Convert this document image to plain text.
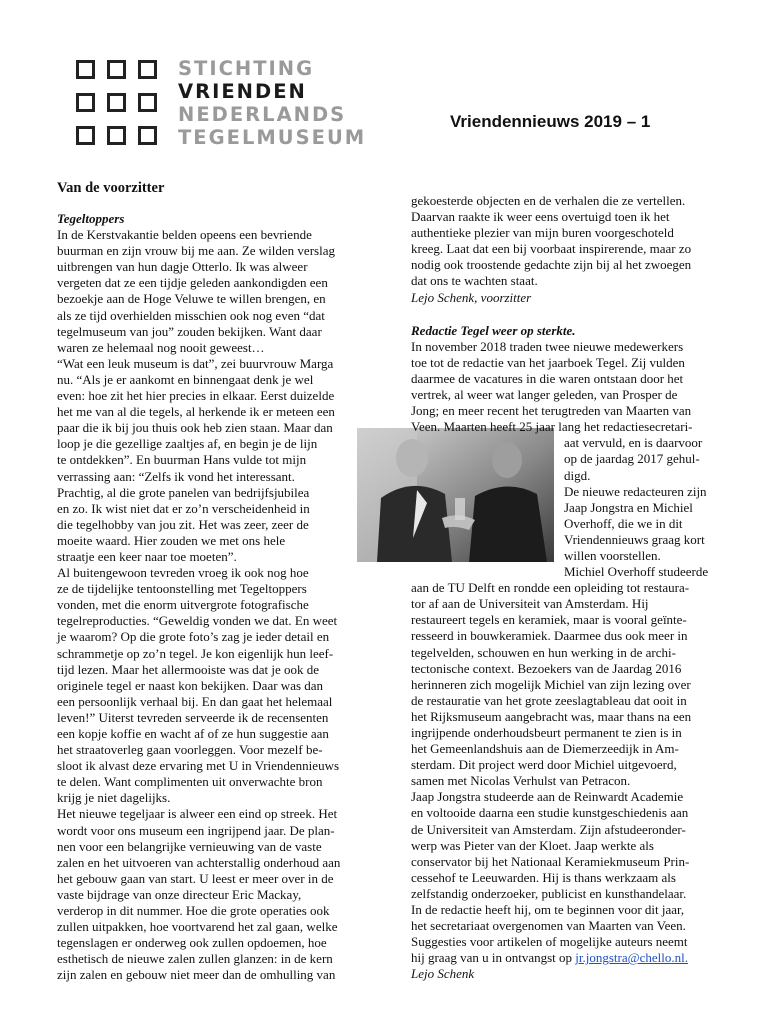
STICHTING
VRIENDEN
NEDERLANDS
TEGELMUSEUM
Vriendennieuws 2019 – 1
Van de voorzitter
Tegeltoppers
In de Kerstvakantie belden opeens een bevriende
buurman en zijn vrouw bij me aan. Ze wilden verslag
uitbrengen van hun dagje Otterlo. Ik was alweer
vergeten dat ze een tijdje geleden aankondigden een
bezoekje aan de Hoge Veluwe te willen brengen, en
als ze tijd overhielden misschien ook nog even “dat
tegelmuseum van jou” zouden bekijken. Want daar
waren ze helemaal nog nooit geweest…
“Wat een leuk museum is dat”, zei buurvrouw Marga
nu. “Als je er aankomt en binnengaat denk je wel
even: hoe zit het hier precies in elkaar. Eerst duizelde
het me van al die tegels, al herkende ik er meteen een
paar die ik bij jou thuis ook heb zien staan. Maar dan
loop je die gezellige zaaltjes af, en begin je de lijn
te ontdekken”. En buurman Hans vulde tot mijn
verrassing aan: “Zelfs ik vond het interessant.
Prachtig, al die grote panelen van bedrijfsjubilea
en zo. Ik wist niet dat er zo’n verscheidenheid in
die tegelhobby van jou zit. Het was zeer, zeer de
moeite waard. Hier zouden we met ons hele
straatje een keer naar toe moeten”.
Al buitengewoon tevreden vroeg ik ook nog hoe
ze de tijdelijke tentoonstelling met Tegeltoppers
vonden, met die enorm uitvergrote fotografische
tegelreproducties. “Geweldig vonden we dat. En weet
je waarom? Op die grote foto’s zag je ieder detail en
schrammetje op zo’n tegel. Je kon eigenlijk hun leef-
tijd lezen. Maar het allermooiste was dat je ook de
originele tegel er naast kon bekijken. Daar was dan
een persoonlijk verhaal bij. En dan gaat het helemaal
leven!” Uiterst tevreden serveerde ik de recensenten
een kopje koffie en wacht af of ze hun suggestie aan
het straatoverleg gaan voorleggen. Voor mezelf be-
sloot ik alvast deze ervaring met U in Vriendennieuws
te delen. Want complimenten uit onverwachte bron
krijg je niet dagelijks.
Het nieuwe tegeljaar is alweer een eind op streek. Het
wordt voor ons museum een ingrijpend jaar. De plan-
nen voor een belangrijke vernieuwing van de vaste
zalen en het uitvoeren van achterstallig onderhoud aan
het gebouw gaan van start. U leest er meer over in de
vaste bijdrage van onze directeur Eric Mackay,
verderop in dit nummer. Hoe die grote operaties ook
zullen uitpakken, hoe voortvarend het zal gaan, welke
tegenslagen er onderweg ook zullen opdoemen, hoe
esthetisch de nieuwe zalen zullen glanzen: in de kern
zijn zalen en gebouw niet meer dan de omhulling van
gekoesterde objecten en de verhalen die ze vertellen.
Daarvan raakte ik weer eens overtuigd toen ik het
authentieke plezier van mijn buren voorgeschoteld
kreeg. Laat dat een bij voorbaat inspirerende, maar zo
nodig ook troostende gedachte zijn bij al het zwoegen
dat ons te wachten staat.
Lejo Schenk, voorzitter
Redactie Tegel weer op sterkte.
In november 2018 traden twee nieuwe medewerkers
toe tot de redactie van het jaarboek Tegel. Zij vulden
daarmee de vacatures in die waren ontstaan door het
vertrek, al weer wat langer geleden, van Prosper de
Jong; en meer recent het terugtreden van Maarten van
Veen. Maarten heeft 25 jaar lang het redactiesecretari-
aat vervuld, en is daarvoor
op de jaardag 2017 gehul-
digd.
De nieuwe redacteuren zijn
Jaap Jongstra en Michiel
Overhoff, die we in dit
Vriendennieuws graag kort
willen voorstellen.
Michiel Overhoff studeerde
aan de TU Delft en rondde een opleiding tot restaura-
tor af aan de Universiteit van Amsterdam. Hij
restaureert tegels en keramiek, maar is vooral geïnte-
resseerd in bouwkeramiek. Daarmee dus ook meer in
tegelvelden, schouwen en hun werking in de archi-
tectonische context. Bezoekers van de Jaardag 2016
herinneren zich mogelijk Michiel van zijn lezing over
de restauratie van het grote zeeslagtableau dat ooit in
het Rijksmuseum aangebracht was, maar thans na een
ingrijpende onderhoudsbeurt permanent te zien is in
het Gemeenlandshuis aan de Diemerzeedijk in Am-
sterdam. Dit project werd door Michiel uitgevoerd,
samen met Nicolas Verhulst van Petracon.
Jaap Jongstra studeerde aan de Reinwardt Academie
en voltooide daarna een studie kunstgeschiedenis aan
de Universiteit van Amsterdam. Zijn afstudeeronder-
werp was Pieter van der Kloet. Jaap werkte als
conservator bij het Nationaal Keramiekmuseum Prin-
cessehof te Leeuwarden. Hij is thans werkzaam als
zelfstandig onderzoeker, publicist en kunsthandelaar.
In de redactie heeft hij, om te beginnen voor dit jaar,
het secretariaat overgenomen van Maarten van Veen.
Suggesties voor artikelen of mogelijke auteurs neemt
hij graag van u in ontvangst op jr.jongstra@chello.nl.
Lejo Schenk
